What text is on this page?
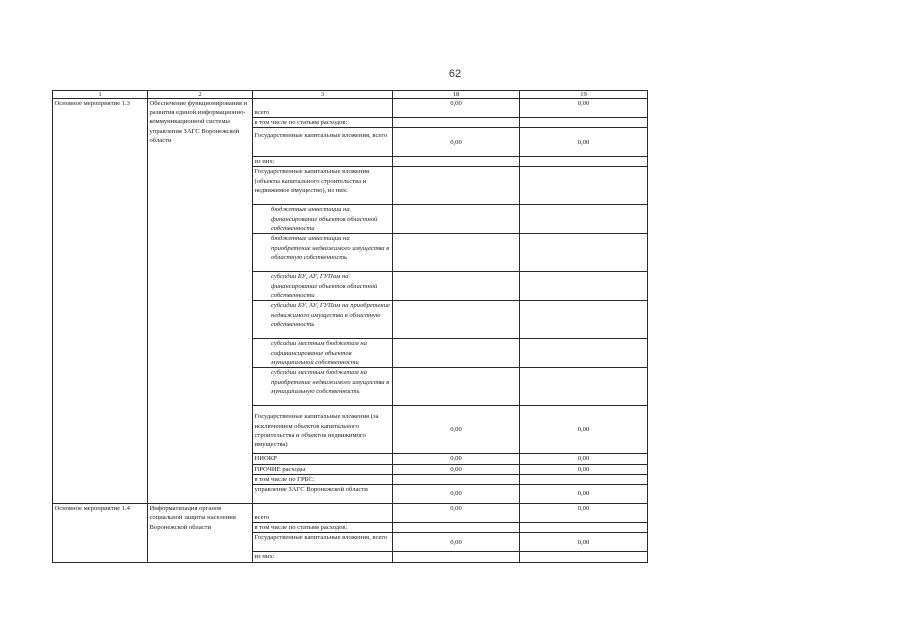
62
1	2	3	18	19
Основное мероприятие 1.3	Обеспечение функционирования и развития единой информационно-коммуникационной системы управления ЗАГС Воронежской области	всего	0,00	0,00
		в том числе по статьям расходов:		
		Государственные капитальные вложения, всего	0,00	0,00
		из них:		
		Государственные капитальные вложения (объекты капитального строительства и недвижимое имущество), из них:		
		бюджетные инвестиции на финансирование объектов областной собственности		
		бюджетные инвестиции на приобретение недвижимого имущества в областную собственность		
		субсидии БУ, АУ, ГУПам на финансирование объектов областной собственности		
		субсидии БУ, АУ, ГУПам на приобретение недвижимого имущества в областную собственность		
		субсидии местным бюджетам на софинансирование объектов муниципальной собственности		
		субсидии местным бюджетам на приобретение недвижимого имущества в муниципальную собственность		
		Государственные капитальные вложения (за исключением объектов капитального строительства и объектов недвижимого имущества)	0,00	0,00
		НИОКР	0,00	0,00
		ПРОЧИЕ расходы	0,00	0,00
		в том числе по ГРБС:		
		управление ЗАГС Воронежской области	0,00	0,00
Основное мероприятие 1.4	Информатизация органов социальной защиты населения Воронежской области	всего	0,00	0,00
		в том числе по статьям расходов:		
		Государственные капитальные вложения, всего	0,00	0,00
		из них:		
